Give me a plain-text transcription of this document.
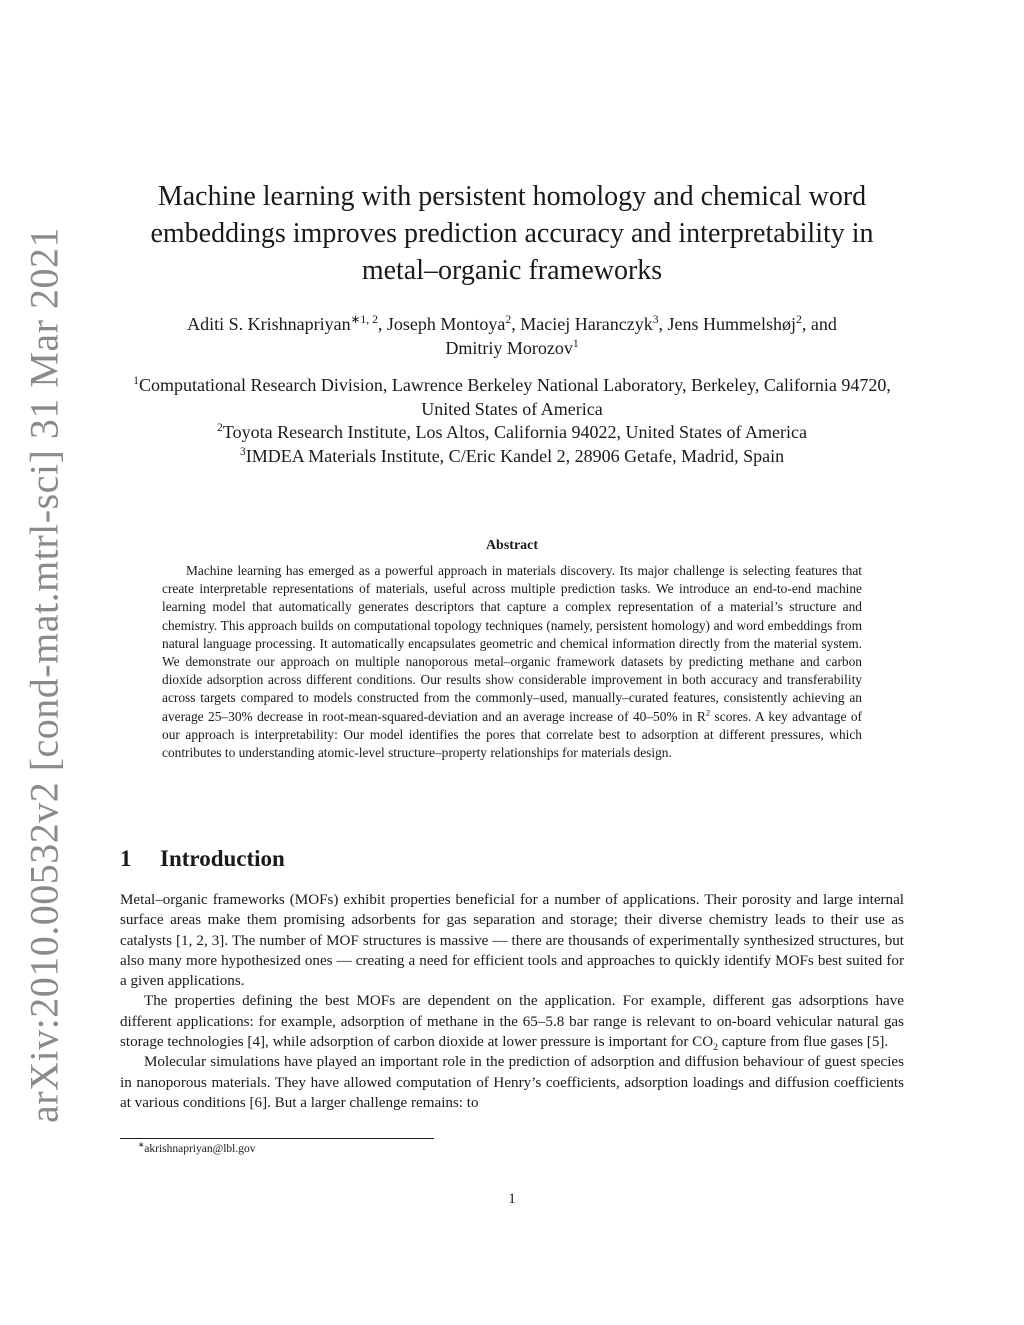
arXiv:2010.00532v2 [cond-mat.mtrl-sci] 31 Mar 2021
Machine learning with persistent homology and chemical word embeddings improves prediction accuracy and interpretability in metal–organic frameworks
Aditi S. Krishnapriyan$^{∗1, 2}$, Joseph Montoya$^2$, Maciej Haranczyk$^3$, Jens Hummelshøj$^2$, and
Dmitriy Morozov$^1$
$^1$Computational Research Division, Lawrence Berkeley National Laboratory, Berkeley, California 94720, United States of America
$^2$Toyota Research Institute, Los Altos, California 94022, United States of America
$^3$IMDEA Materials Institute, C/Eric Kandel 2, 28906 Getafe, Madrid, Spain
Abstract
Machine learning has emerged as a powerful approach in materials discovery. Its major challenge is selecting features that create interpretable representations of materials, useful across multiple prediction tasks. We introduce an end-to-end machine learning model that automatically generates descriptors that capture a complex representation of a material’s structure and chemistry. This approach builds on computational topology techniques (namely, persistent homology) and word embeddings from natural language processing. It automatically encapsulates geometric and chemical information directly from the material system. We demonstrate our approach on multiple nanoporous metal–organic framework datasets by predicting methane and carbon dioxide adsorption across different conditions. Our results show considerable improvement in both accuracy and transferability across targets compared to models constructed from the commonly–used, manually–curated features, consistently achieving an average 25–30% decrease in root-mean-squared-deviation and an average increase of 40–50% in $R^2$ scores. A key advantage of our approach is interpretability: Our model identifies the pores that correlate best to adsorption at different pressures, which contributes to understanding atomic-level structure–property relationships for materials design.
1 Introduction

Metal–organic frameworks (MOFs) exhibit properties beneficial for a number of applications. Their porosity and large internal surface areas make them promising adsorbents for gas separation and storage; their diverse chemistry leads to their use as catalysts [1, 2, 3]. The number of MOF structures is massive — there are thousands of experimentally synthesized structures, but also many more hypothesized ones — creating a need for efficient tools and approaches to quickly identify MOFs best suited for a given applications.

The properties defining the best MOFs are dependent on the application. For example, different gas adsorptions have different applications: for example, adsorption of methane in the 65–5.8 bar range is relevant to on-board vehicular natural gas storage technologies [4], while adsorption of carbon dioxide at lower pressure is important for $CO_2$ capture from flue gases [5].

Molecular simulations have played an important role in the prediction of adsorption and diffusion behaviour of guest species in nanoporous materials. They have allowed computation of Henry’s coefficients, adsorption loadings and diffusion coefficients at various conditions [6]. But a larger challenge remains: to

∗akrishnapriyan@lbl.gov
1
